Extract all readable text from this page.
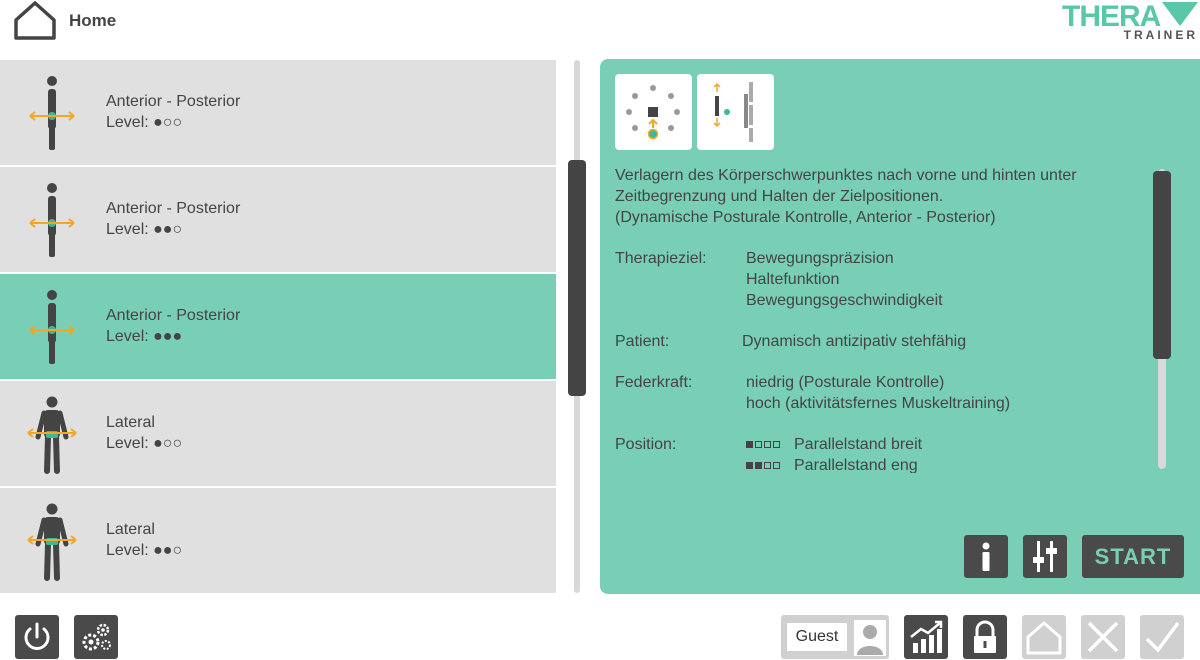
Home	THERA
TRAINER
Anterior - Posterior
Level: ●○○
Anterior - Posterior
Level: ●●○
Anterior - Posterior
Level: ●●●
Lateral
Level: ●○○
Lateral
Level: ●●○
Verlagern des Körperschwerpunktes nach vorne und hinten unter
Zeitbegrenzung und Halten der Zielpositionen.
(Dynamische Posturale Kontrolle, Anterior - Posterior)
Therapieziel: Bewegungspräzision
Haltefunktion
Bewegungsgeschwindigkeit
Patient:	Dynamisch antizipativ stehfähig
Federkraft:	niedrig (Posturale Kontrolle)
hoch (aktivitätsfernes Muskeltraining)
Position:	Parallelstand breit
Parallelstand eng
START
Guest
